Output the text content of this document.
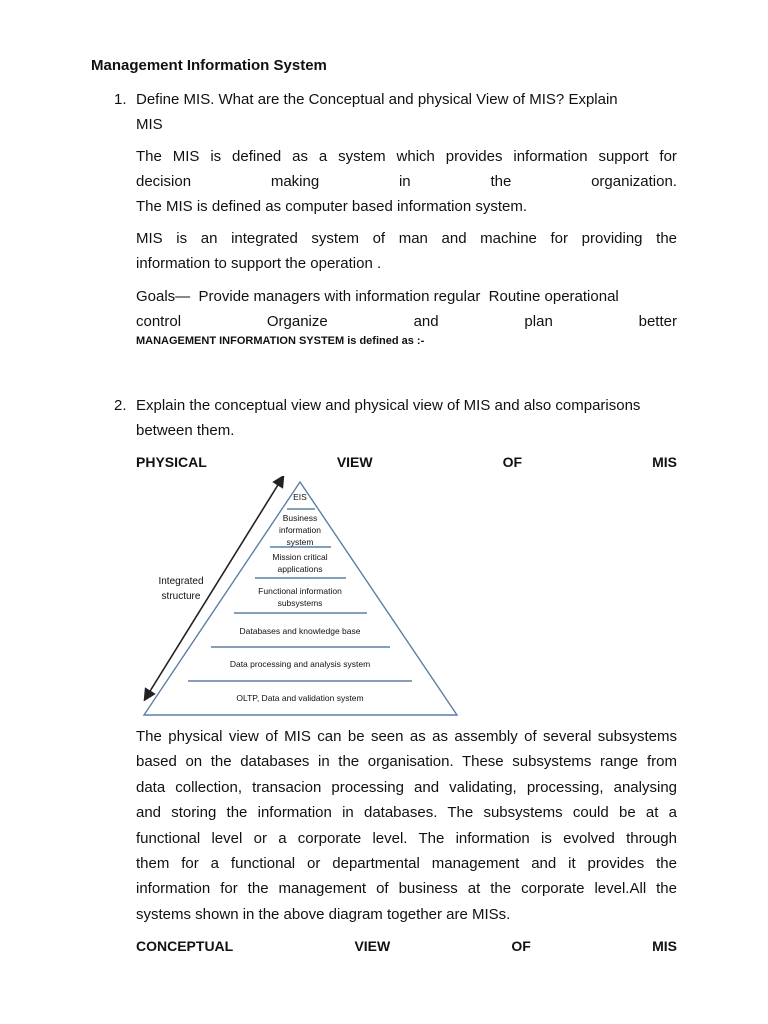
Management Information System
1. Define MIS. What are the Conceptual and physical View of MIS? Explain
MIS
The MIS is defined as a system which provides information support for
decision	making	in	the	organization.
The MIS is defined as computer based information system.
MIS is an integrated system of man and machine for providing the
information to support the operation .
Goals—  Provide managers with information regular  Routine operational
control	Organize	and	plan	better
MANAGEMENT INFORMATION SYSTEM is defined as :-
2. Explain the conceptual view and physical view of MIS and also comparisons
between them.
PHYSICAL	VIEW	OF	MIS
EIS
Business
information
system
Mission critical
applications
Functional information
subsystems
Databases and knowledge base
Data processing and analysis system
OLTP, Data and validation system
Integrated
structure
The physical view of MIS can be seen as as assembly of several subsystems
based on the databases in the organisation. These subsystems range from
data collection, transacion processing and validating, processing, analysing
and storing the information in databases. The subsystems could be at a
functional level or a corporate level. The information is evolved through
them for a functional or departmental management and it provides the
information for the management of business at the corporate level.All the
systems shown in the above diagram together are MISs.
CONCEPTUAL	VIEW	OF	MIS
